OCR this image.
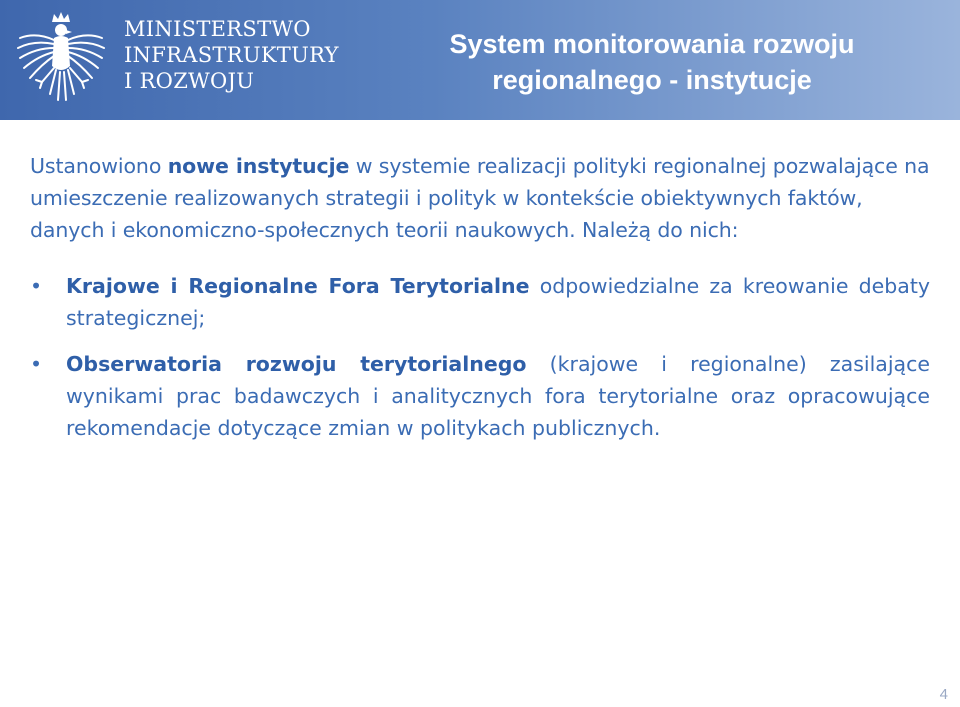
MINISTERSTWO
INFRASTRUKTURY
I ROZWOJU
System monitorowania rozwoju
regionalnego - instytucje

Ustanowiono nowe instytucje w systemie realizacji polityki regionalnej pozwalające na umieszczenie realizowanych strategii i polityk w kontekście obiektywnych faktów, danych i ekonomiczno-społecznych teorii naukowych. Należą do nich:

• Krajowe i Regionalne Fora Terytorialne odpowiedzialne za kreowanie debaty strategicznej;
• Obserwatoria rozwoju terytorialnego (krajowe i regionalne) zasilające wynikami prac badawczych i analitycznych fora terytorialne oraz opracowujące rekomendacje dotyczące zmian w politykach publicznych.
4
